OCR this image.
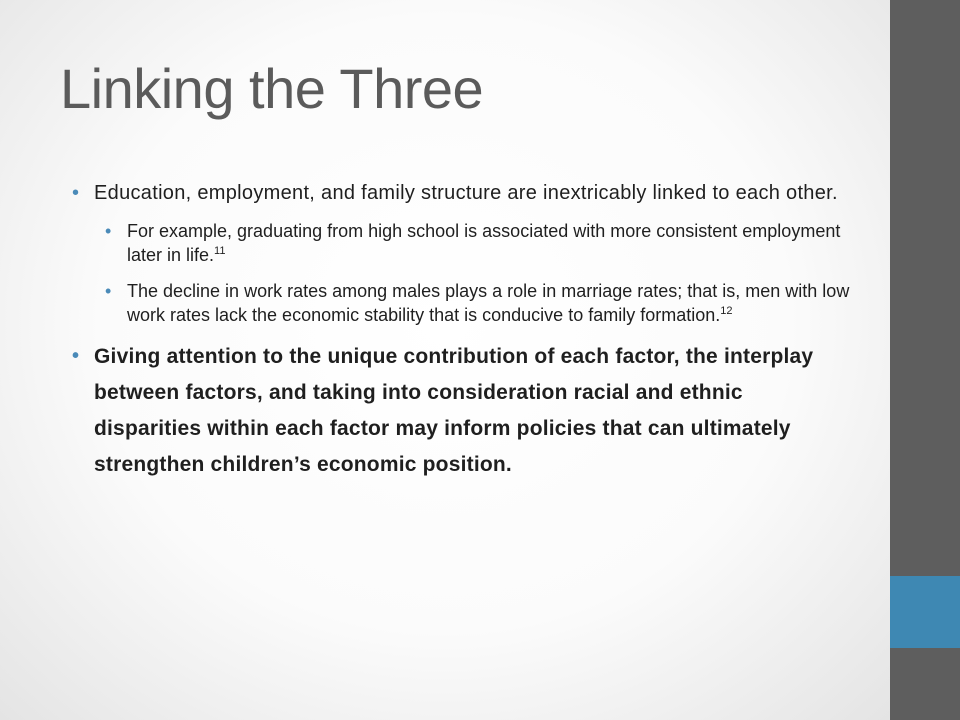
Linking the Three
• Education, employment, and family structure are inextricably linked to each other.
• For example, graduating from high school is associated with more consistent employment later in life.$^{11}$
• The decline in work rates among males plays a role in marriage rates; that is, men with low work rates lack the economic stability that is conducive to family formation.$^{12}$
• Giving attention to the unique contribution of each factor, the interplay between factors, and taking into consideration racial and ethnic disparities within each factor may inform policies that can ultimately strengthen children’s economic position.
